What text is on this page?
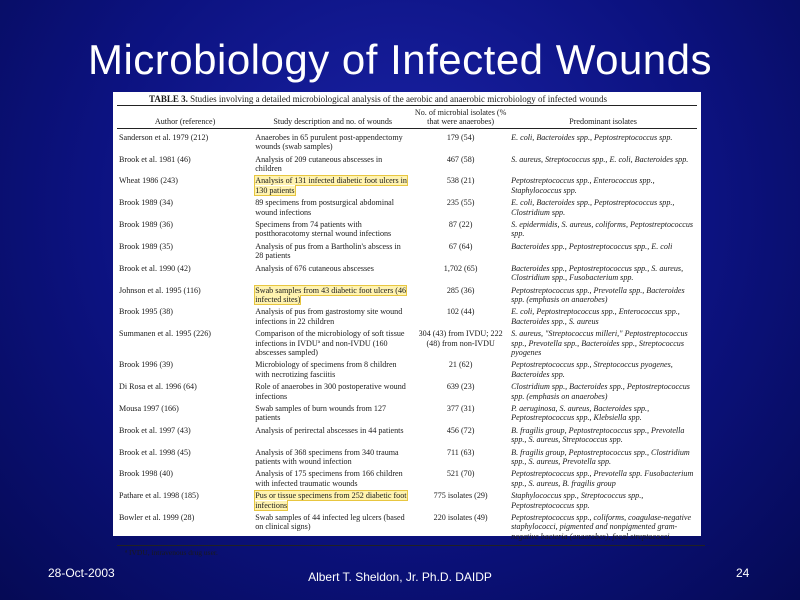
Microbiology of Infected Wounds
TABLE 3. Studies involving a detailed microbiological analysis of the aerobic and anaerobic microbiology of infected wounds
Author (reference)	Study description and no. of wounds	No. of microbial isolates (% that were anaerobes)	Predominant isolates
Sanderson et al. 1979 (212)	Anaerobes in 65 purulent post-appendectomy wounds (swab samples)	179 (54)	E. coli, Bacteroides spp., Peptostreptococcus spp.
Brook et al. 1981 (46)	Analysis of 209 cutaneous abscesses in children	467 (58)	S. aureus, Streptococcus spp., E. coli, Bacteroides spp.
Wheat 1986 (243)	Analysis of 131 infected diabetic foot ulcers in 130 patients	538 (21)	Peptostreptococcus spp., Enterococcus spp., Staphylococcus spp.
Brook 1989 (34)	89 specimens from postsurgical abdominal wound infections	235 (55)	E. coli, Bacteroides spp., Peptostreptococcus spp., Clostridium spp.
Brook 1989 (36)	Specimens from 74 patients with postthoracotomy sternal wound infections	87 (22)	S. epidermidis, S. aureus, coliforms, Peptostreptococcus spp.
Brook 1989 (35)	Analysis of pus from a Bartholin's abscess in 28 patients	67 (64)	Bacteroides spp., Peptostreptococcus spp., E. coli
Brook et al. 1990 (42)	Analysis of 676 cutaneous abscesses	1,702 (65)	Bacteroides spp., Peptostreptococcus spp., S. aureus, Clostridium spp., Fusobacterium spp.
Johnson et al. 1995 (116)	Swab samples from 43 diabetic foot ulcers (46 infected sites)	285 (36)	Peptostreptococcus spp., Prevotella spp., Bacteroides spp. (emphasis on anaerobes)
Brook 1995 (38)	Analysis of pus from gastrostomy site wound infections in 22 children	102 (44)	E. coli, Peptostreptococcus spp., Enterococcus spp., Bacteroides spp., S. aureus
Summanen et al. 1995 (226)	Comparison of the microbiology of soft tissue infections in IVDUª and non-IVDU (160 abscesses sampled)	304 (43) from IVDU; 222 (48) from non-IVDU	S. aureus, "Streptococcus milleri," Peptostreptococcus spp., Prevotella spp., Bacteroides spp., Streptococcus pyogenes
Brook 1996 (39)	Microbiology of specimens from 8 children with necrotizing fasciitis	21 (62)	Peptostreptococcus spp., Streptococcus pyogenes, Bacteroides spp.
Di Rosa et al. 1996 (64)	Role of anaerobes in 300 postoperative wound infections	639 (23)	Clostridium spp., Bacteroides spp., Peptostreptococcus spp. (emphasis on anaerobes)
Mousa 1997 (166)	Swab samples of burn wounds from 127 patients	377 (31)	P. aeruginosa, S. aureus, Bacteroides spp., Peptostreptococcus spp., Klebsiella spp.
Brook et al. 1997 (43)	Analysis of perirectal abscesses in 44 patients	456 (72)	B. fragilis group, Peptostreptococcus spp., Prevotella spp., S. aureus, Streptococcus spp.
Brook et al. 1998 (45)	Analysis of 368 specimens from 340 trauma patients with wound infection	711 (63)	B. fragilis group, Peptostreptococcus spp., Clostridium spp., S. aureus, Prevotella spp.
Brook 1998 (40)	Analysis of 175 specimens from 166 children with infected traumatic wounds	521 (70)	Peptostreptococcus spp., Prevotella spp. Fusobacterium spp., S. aureus, B. fragilis group
Pathare et al. 1998 (185)	Pus or tissue specimens from 252 diabetic foot infections	775 isolates (29)	Staphylococcus spp., Streptococcus spp., Peptostreptococcus spp.
Bowler et al. 1999 (28)	Swab samples of 44 infected leg ulcers (based on clinical signs)	220 isolates (49)	Peptostreptococcus spp., coliforms, coagulase-negative staphylococci, pigmented and nonpigmented gram-negative bacteria (anaerobes), fecal streptococci
ª IVDU, intravenous drug user.
28-Oct-2003	Albert T. Sheldon, Jr. Ph.D. DAIDP	24
